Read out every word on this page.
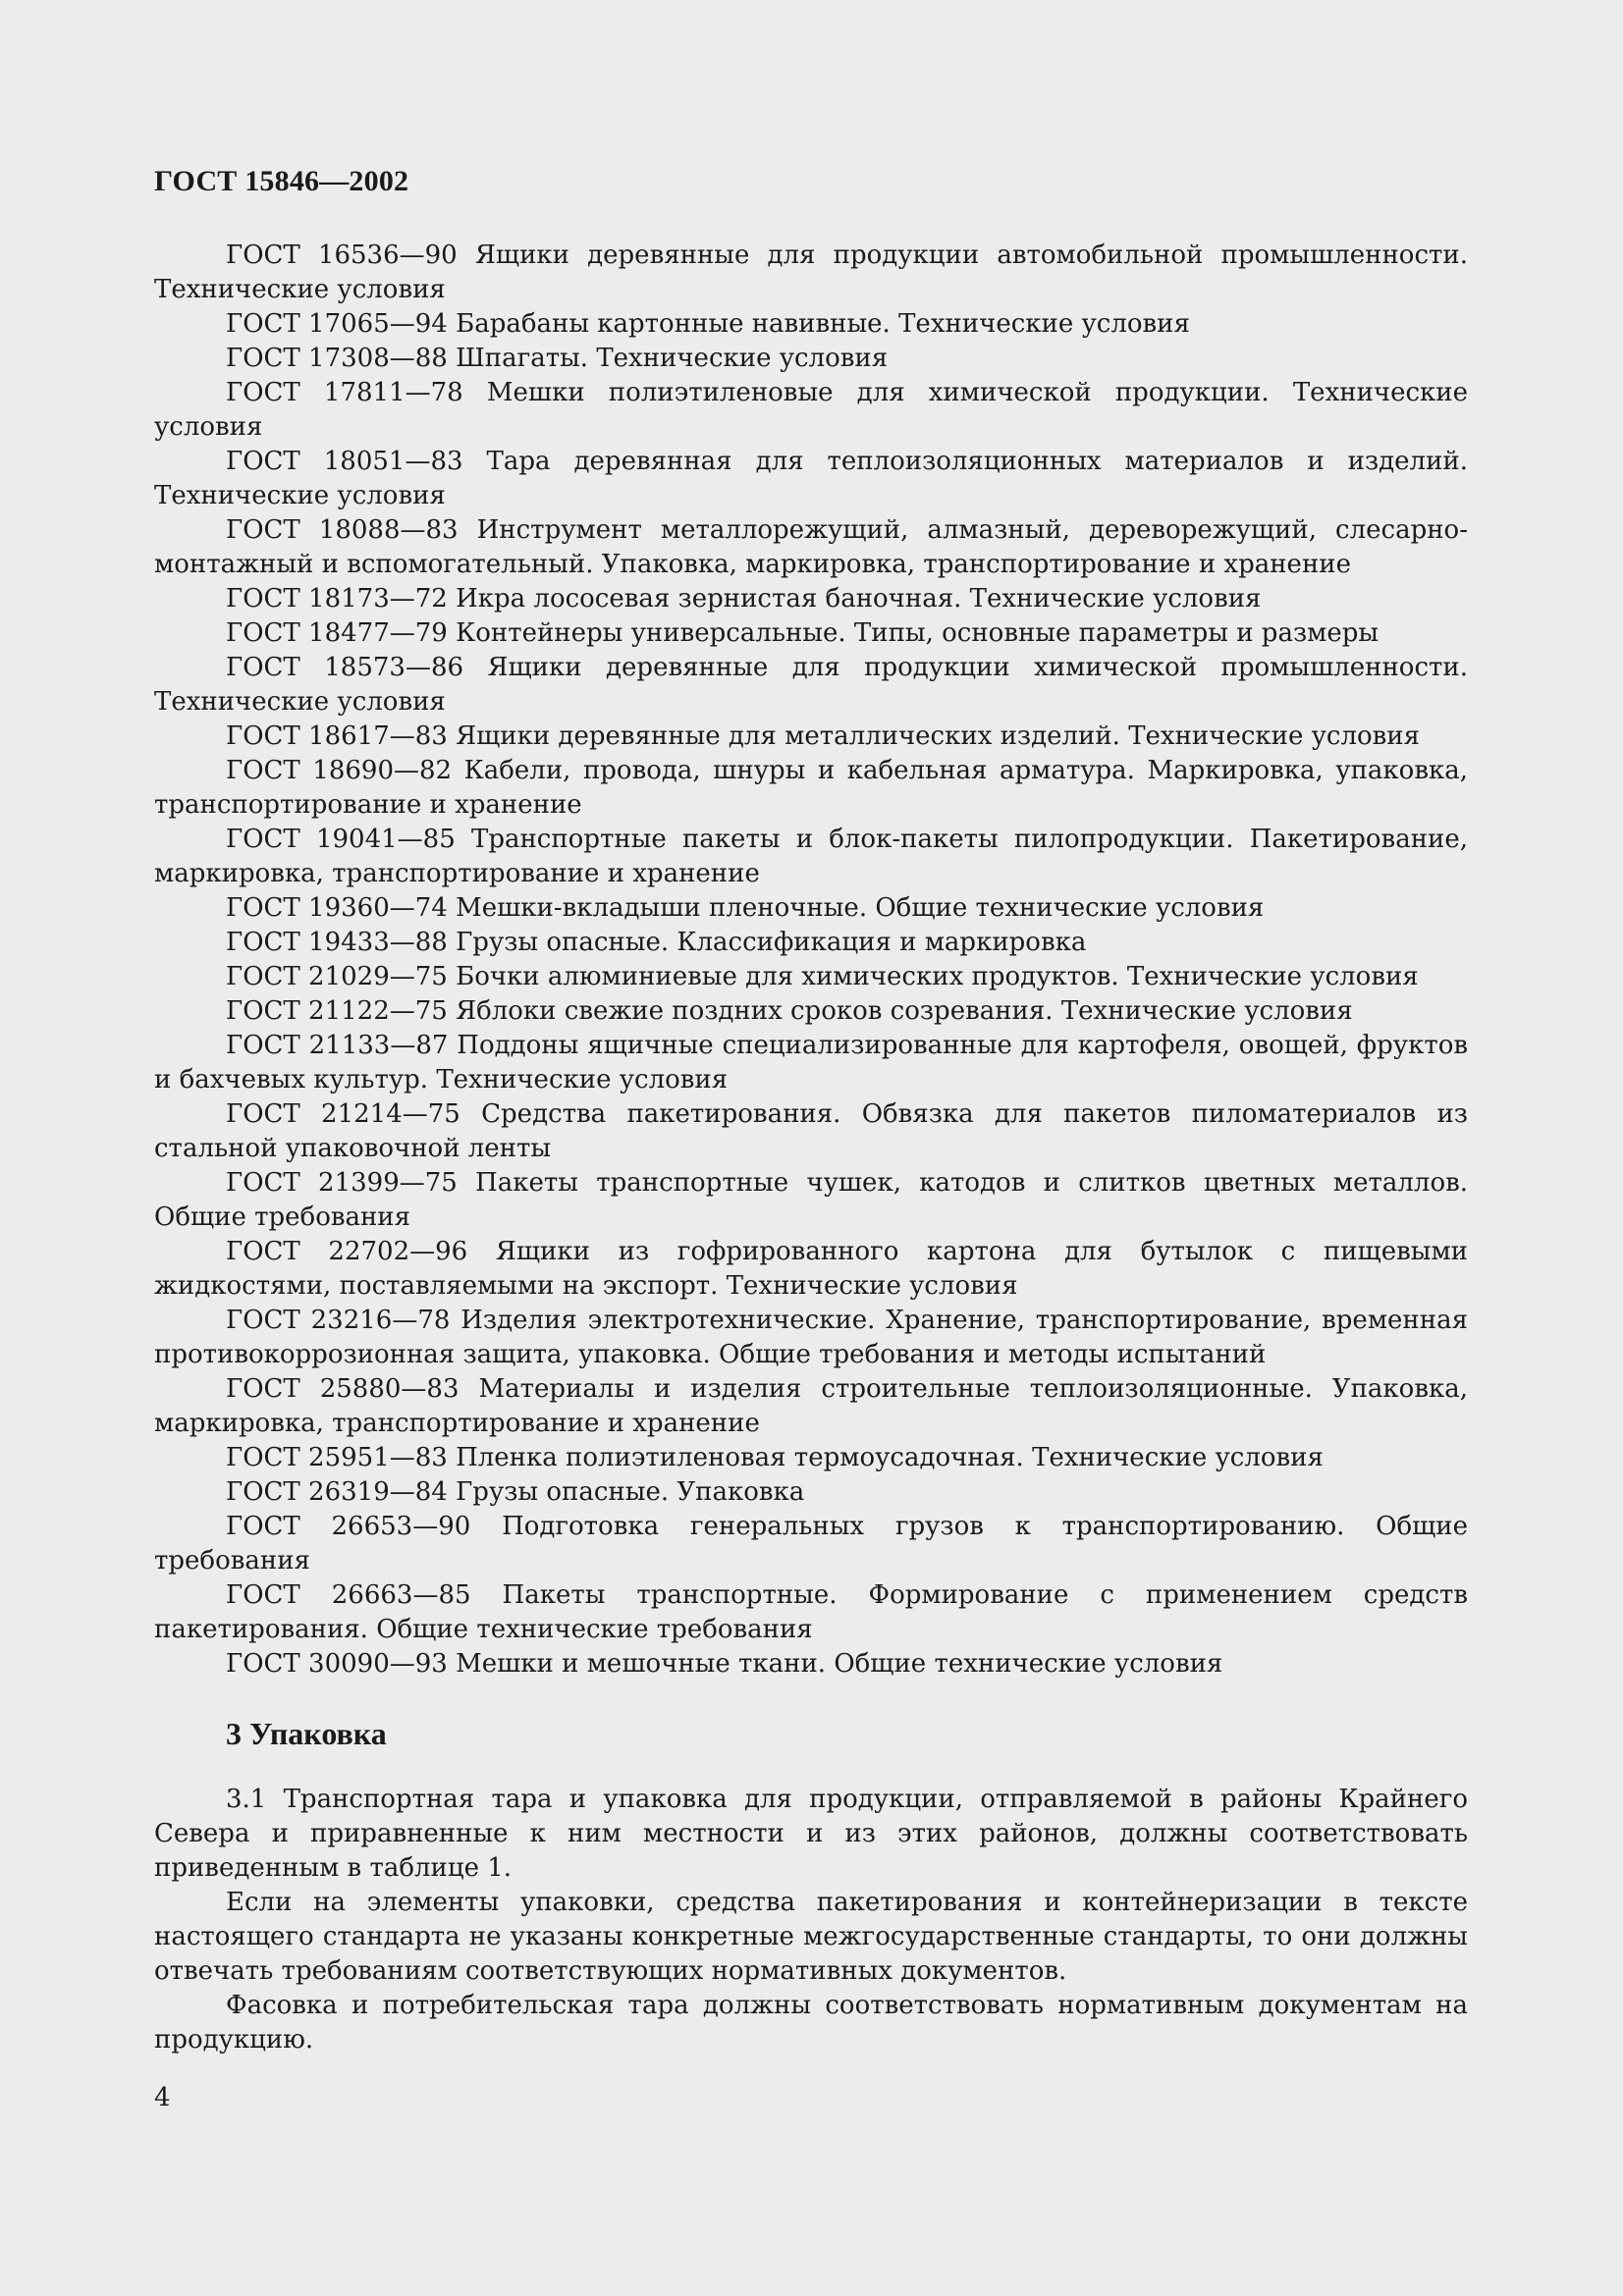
ГОСТ 15846—2002

ГОСТ 16536—90 Ящики деревянные для продукции автомобильной промышленности. Технические условия

ГОСТ 17065—94 Барабаны картонные навивные. Технические условия

ГОСТ 17308—88 Шпагаты. Технические условия

ГОСТ 17811—78 Мешки полиэтиленовые для химической продукции. Технические условия

ГОСТ 18051—83 Тара деревянная для теплоизоляционных материалов и изделий. Технические условия

ГОСТ 18088—83 Инструмент металлорежущий, алмазный, дереворежущий, слесарно-монтажный и вспомогательный. Упаковка, маркировка, транспортирование и хранение

ГОСТ 18173—72 Икра лососевая зернистая баночная. Технические условия

ГОСТ 18477—79 Контейнеры универсальные. Типы, основные параметры и размеры

ГОСТ 18573—86 Ящики деревянные для продукции химической промышленности. Технические условия

ГОСТ 18617—83 Ящики деревянные для металлических изделий. Технические условия

ГОСТ 18690—82 Кабели, провода, шнуры и кабельная арматура. Маркировка, упаковка, транспортирование и хранение

ГОСТ 19041—85 Транспортные пакеты и блок-пакеты пилопродукции. Пакетирование, маркировка, транспортирование и хранение

ГОСТ 19360—74 Мешки-вкладыши пленочные. Общие технические условия

ГОСТ 19433—88 Грузы опасные. Классификация и маркировка

ГОСТ 21029—75 Бочки алюминиевые для химических продуктов. Технические условия

ГОСТ 21122—75 Яблоки свежие поздних сроков созревания. Технические условия

ГОСТ 21133—87 Поддоны ящичные специализированные для картофеля, овощей, фруктов и бахчевых культур. Технические условия

ГОСТ 21214—75 Средства пакетирования. Обвязка для пакетов пиломатериалов из стальной упаковочной ленты

ГОСТ 21399—75 Пакеты транспортные чушек, катодов и слитков цветных металлов. Общие требования

ГОСТ 22702—96 Ящики из гофрированного картона для бутылок с пищевыми жидкостями, поставляемыми на экспорт. Технические условия

ГОСТ 23216—78 Изделия электротехнические. Хранение, транспортирование, временная противокоррозионная защита, упаковка. Общие требования и методы испытаний

ГОСТ 25880—83 Материалы и изделия строительные теплоизоляционные. Упаковка, маркировка, транспортирование и хранение

ГОСТ 25951—83 Пленка полиэтиленовая термоусадочная. Технические условия

ГОСТ 26319—84 Грузы опасные. Упаковка

ГОСТ 26653—90 Подготовка генеральных грузов к транспортированию. Общие требования

ГОСТ 26663—85 Пакеты транспортные. Формирование с применением средств пакетирования. Общие технические требования

ГОСТ 30090—93 Мешки и мешочные ткани. Общие технические условия

3 Упаковка

3.1 Транспортная тара и упаковка для продукции, отправляемой в районы Крайнего Севера и приравненные к ним местности и из этих районов, должны соответствовать приведенным в таблице 1.

Если на элементы упаковки, средства пакетирования и контейнеризации в тексте настоящего стандарта не указаны конкретные межгосударственные стандарты, то они должны отвечать требованиям соответствующих нормативных документов.

Фасовка и потребительская тара должны соответствовать нормативным документам на продукцию.

4
